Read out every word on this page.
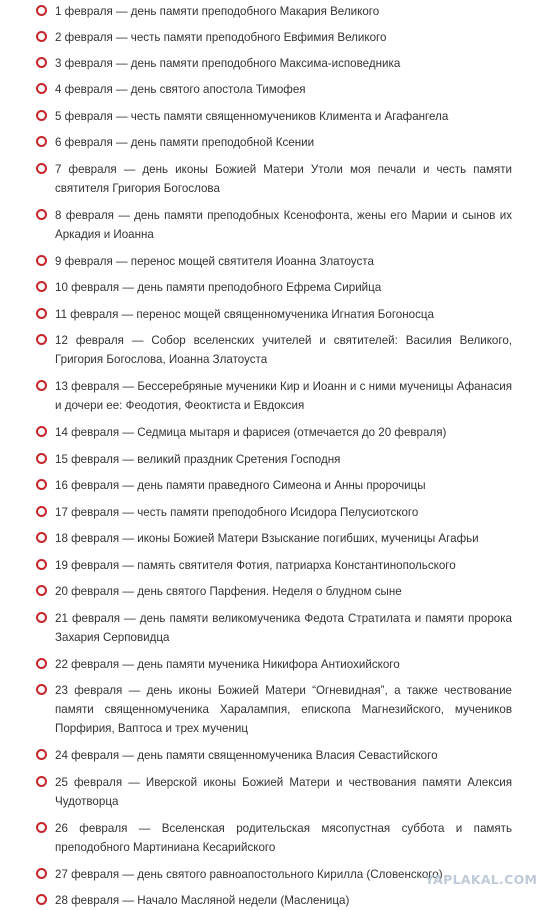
1 февраля — день памяти преподобного Макария Великого
2 февраля — честь памяти преподобного Евфимия Великого
3 февраля — день памяти преподобного Максима-исповедника
4 февраля — день святого апостола Тимофея
5 февраля — честь памяти священномучеников Климента и Агафангела
6 февраля — день памяти преподобной Ксении
7 февраля — день иконы Божией Матери Утоли моя печали и честь памяти святителя Григория Богослова
8 февраля — день памяти преподобных Ксенофонта, жены его Марии и сынов их Аркадия и Иоанна
9 февраля — перенос мощей святителя Иоанна Златоуста
10 февраля — день памяти преподобного Ефрема Сирийца
11 февраля — перенос мощей священномученика Игнатия Богоносца
12 февраля — Собор вселенских учителей и святителей: Василия Великого, Григория Богослова, Иоанна Златоуста
13 февраля — Бессеребряные мученики Кир и Иоанн и с ними мученицы Афанасия и дочери ее: Феодотия, Феоктиста и Евдоксия
14 февраля — Седмица мытаря и фарисея (отмечается до 20 февраля)
15 февраля — великий праздник Сретения Господня
16 февраля — день памяти праведного Симеона и Анны пророчицы
17 февраля — честь памяти преподобного Исидора Пелусиотского
18 февраля — иконы Божией Матери Взыскание погибших, мученицы Агафьи
19 февраля — память святителя Фотия, патриарха Константинопольского
20 февраля — день святого Парфения. Неделя о блудном сыне
21 февраля — день памяти великомученика Федота Стратилата и памяти пророка Захария Серповидца
22 февраля — день памяти мученика Никифора Антиохийского
23 февраля — день иконы Божией Матери “Огневидная”, а также чествование памяти священномученика Харалампия, епископа Магнезийского, мучеников Порфирия, Ваптоса и трех мучениц
24 февраля — день памяти священномученика Власия Севастийского
25 февраля — Иверской иконы Божией Матери и чествования памяти Алексия Чудотворца
26 февраля — Вселенская родительская мясопустная суббота и память преподобного Мартиниана Кесарийского
27 февраля — день святого равноапостольного Кирилла (Словенского)
28 февраля — Начало Масляной недели (Масленица)
YAPLAKAL.COM
